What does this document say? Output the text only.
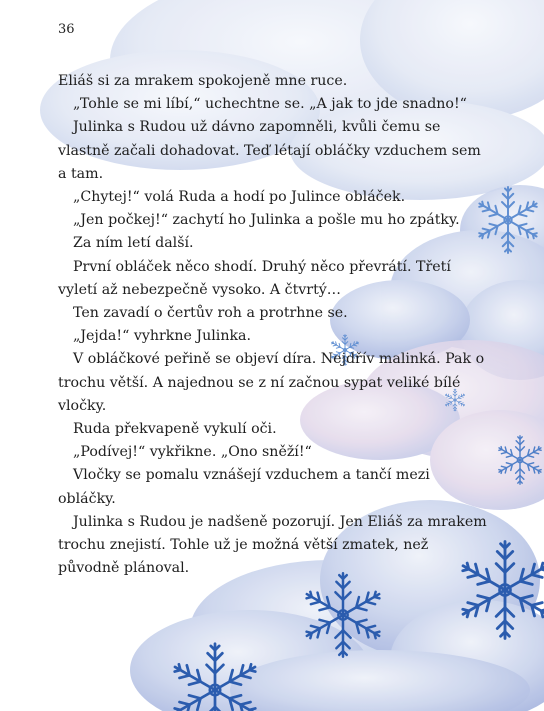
36

Eliáš si za mrakem spokojeně mne ruce.

„Tohle se mi líbí,“ uchechtne se. „A jak to jde snadno!“

Julinka s Rudou už dávno zapomněli, kvůli čemu se vlastně začali dohadovat. Teď létají obláčky vzduchem sem a tam.

„Chytej!“ volá Ruda a hodí po Julince obláček.

„Jen počkej!“ zachytí ho Julinka a pošle mu ho zpátky.

Za ním letí další.

První obláček něco shodí. Druhý něco převrátí. Třetí vyletí až nebezpečně vysoko. A čtvrtý…

Ten zavadí o čertův roh a protrhne se.

„Jejda!“ vyhrkne Julinka.

V obláčkové peřině se objeví díra. Nejdřív malinká. Pak o trochu větší. A najednou se z ní začnou sypat veliké bílé vločky.

Ruda překvapeně vykulí oči.

„Podívej!“ vykřikne. „Ono sněží!“

Vločky se pomalu vznášejí vzduchem a tančí mezi obláčky.

Julinka s Rudou je nadšeně pozorují. Jen Eliáš za mrakem trochu znejistí. Tohle už je možná větší zmatek, než původně plánoval.
